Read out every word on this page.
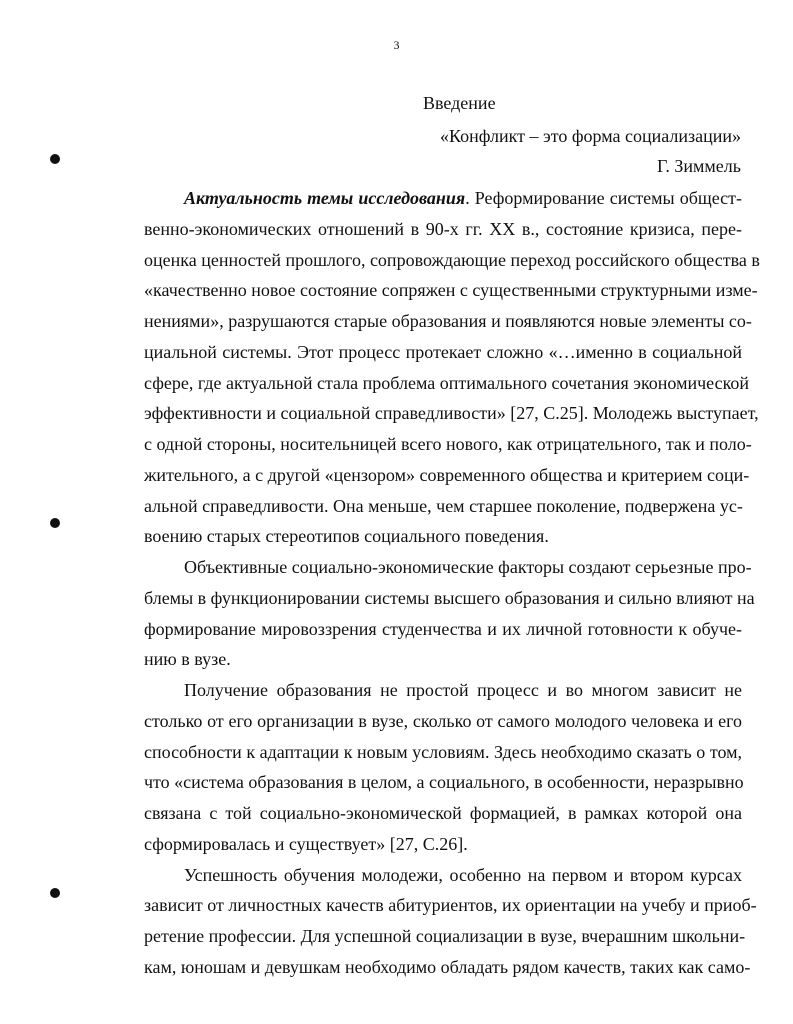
3
Введение
«Конфликт – это форма социализации»
Г. Зиммель
Актуальность темы исследования. Реформирование системы общест-
венно-экономических отношений в 90-х гг. XX в., состояние кризиса, пере-
оценка ценностей прошлого, сопровождающие переход российского общества в
«качественно новое состояние сопряжен с существенными структурными изме-
нениями», разрушаются старые образования и появляются новые элементы со-
циальной системы. Этот процесс протекает сложно «…именно в социальной
сфере, где актуальной стала проблема оптимального сочетания экономической
эффективности и социальной справедливости» [27, С.25]. Молодежь выступает,
с одной стороны, носительницей всего нового, как отрицательного, так и поло-
жительного, а с другой «цензором» современного общества и критерием соци-
альной справедливости. Она меньше, чем старшее поколение, подвержена ус-
воению старых стереотипов социального поведения.
Объективные социально-экономические факторы создают серьезные про-
блемы в функционировании системы высшего образования и сильно влияют на
формирование мировоззрения студенчества и их личной готовности к обуче-
нию в вузе.
Получение образования не простой процесс и во многом зависит не
столько от его организации в вузе, сколько от самого молодого человека и его
способности к адаптации к новым условиям. Здесь необходимо сказать о том,
что «система образования в целом, а социального, в особенности, неразрывно
связана с той социально-экономической формацией, в рамках которой она
сформировалась и существует» [27, С.26].
Успешность обучения молодежи, особенно на первом и втором курсах
зависит от личностных качеств абитуриентов, их ориентации на учебу и приоб-
ретение профессии. Для успешной социализации в вузе, вчерашним школьни-
кам, юношам и девушкам необходимо обладать рядом качеств, таких как само-
